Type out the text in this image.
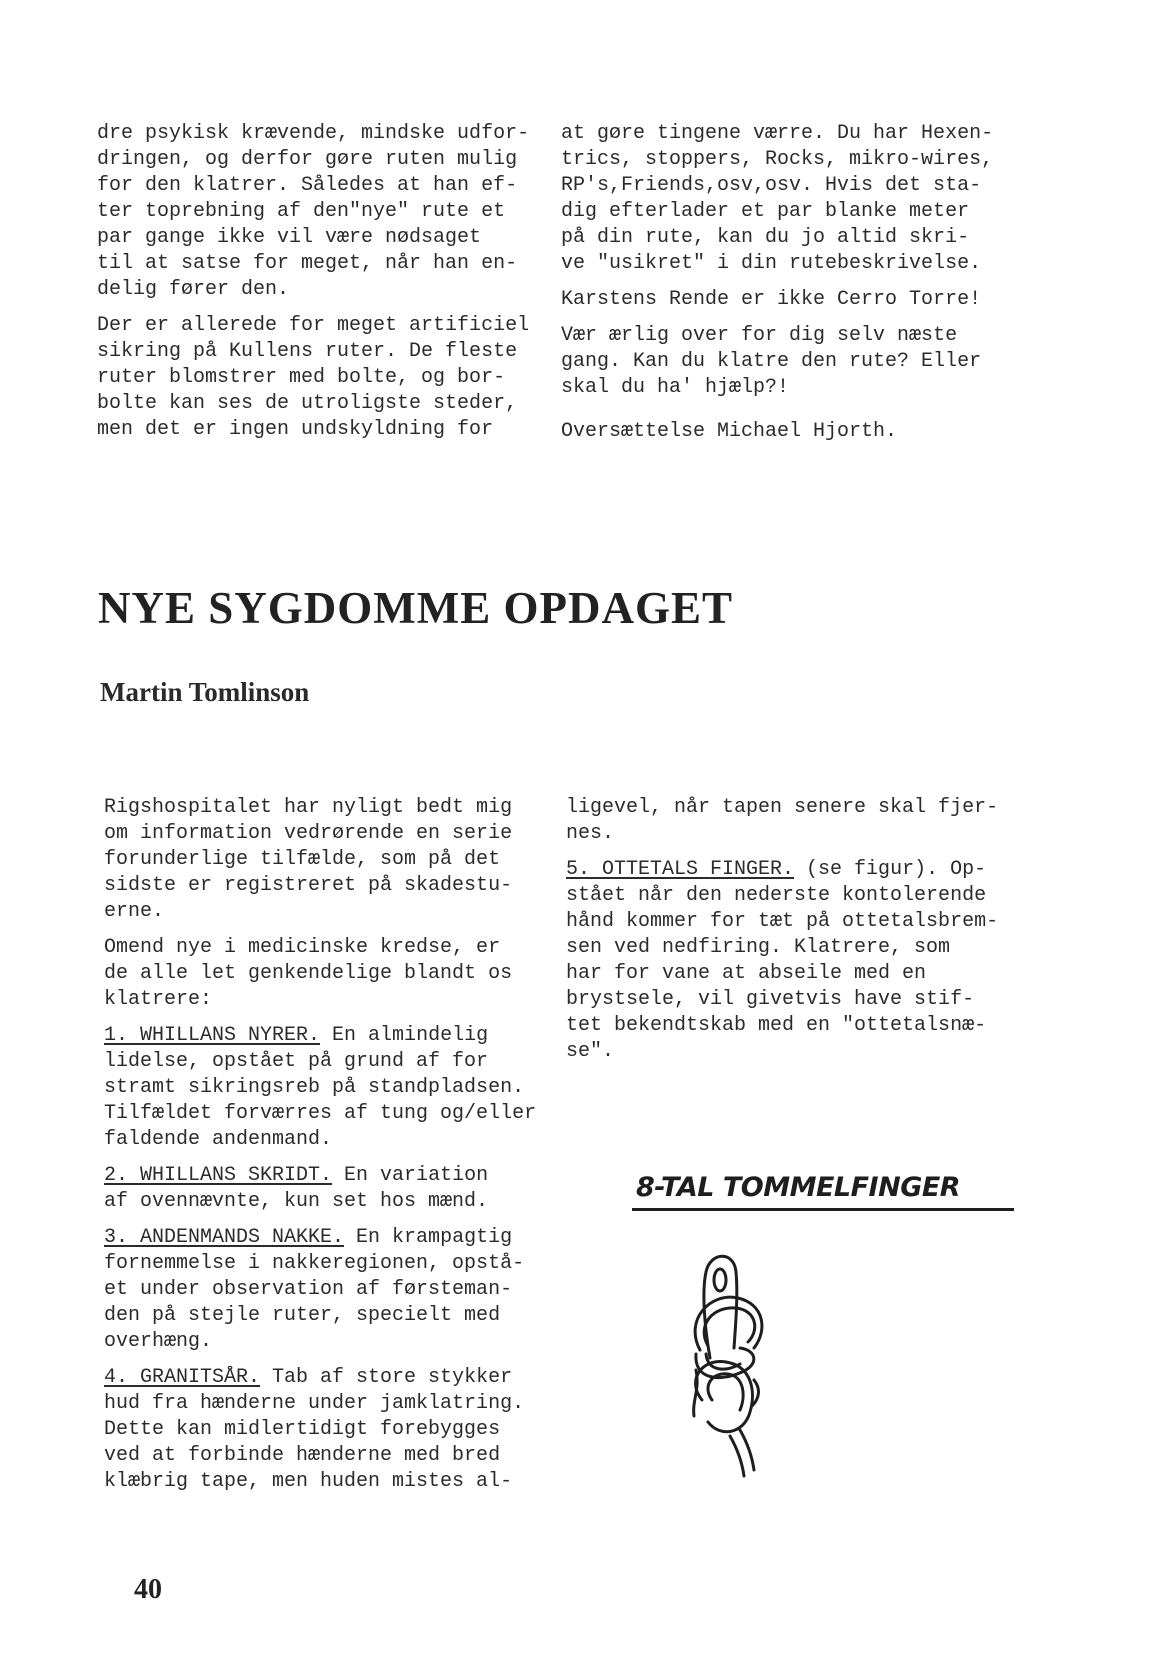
dre psykisk krævende, mindske udfor-
dringen, og derfor gøre ruten mulig
for den klatrer. Således at han ef-
ter toprebning af den"nye" rute et
par gange ikke vil være nødsaget
til at satse for meget, når han en-
delig fører den.

Der er allerede for meget artificiel
sikring på Kullens ruter. De fleste
ruter blomstrer med bolte, og bor-
bolte kan ses de utroligste steder,
men det er ingen undskyldning for

at gøre tingene værre. Du har Hexen-
trics, stoppers, Rocks, mikro-wires,
RP's,Friends,osv,osv. Hvis det sta-
dig efterlader et par blanke meter
på din rute, kan du jo altid skri-
ve "usikret" i din rutebeskrivelse.

Karstens Rende er ikke Cerro Torre!

Vær ærlig over for dig selv næste
gang. Kan du klatre den rute? Eller
skal du ha' hjælp?!

Oversættelse Michael Hjorth.

NYE SYGDOMME OPDAGET
Martin Tomlinson

Rigshospitalet har nyligt bedt mig
om information vedrørende en serie
forunderlige tilfælde, som på det
sidste er registreret på skadestu-
erne.

Omend nye i medicinske kredse, er
de alle let genkendelige blandt os
klatrere:

1. WHILLANS NYRER. En almindelig
lidelse, opstået på grund af for
stramt sikringsreb på standpladsen.
Tilfældet forværres af tung og/eller
faldende andenmand.

2. WHILLANS SKRIDT. En variation
af ovennævnte, kun set hos mænd.

3. ANDENMANDS NAKKE. En krampagtig
fornemmelse i nakkeregionen, opstå-
et under observation af førsteman-
den på stejle ruter, specielt med
overhæng.

4. GRANITSÅR. Tab af store stykker
hud fra hænderne under jamklatring.
Dette kan midlertidigt forebygges
ved at forbinde hænderne med bred
klæbrig tape, men huden mistes al-

ligevel, når tapen senere skal fjer-
nes.

5. OTTETALS FINGER. (se figur). Op-
stået når den nederste kontolerende
hånd kommer for tæt på ottetalsbrem-
sen ved nedfiring. Klatrere, som
har for vane at abseile med en
brystsele, vil givetvis have stif-
tet bekendtskab med en "ottetalsnæ-
se".

8-TAL TOMMELFINGER
40
